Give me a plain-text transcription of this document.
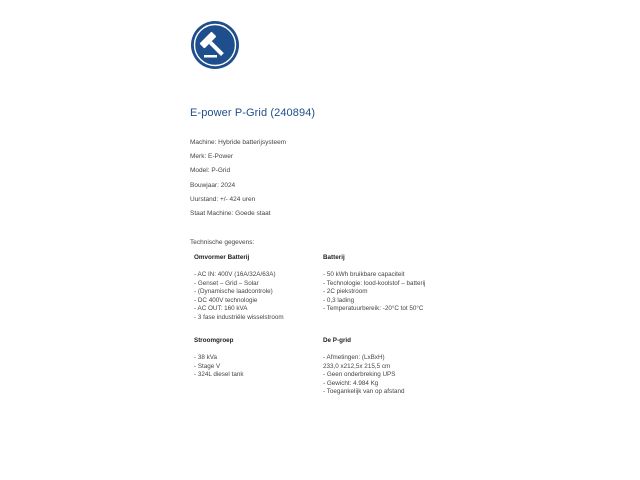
E-power P-Grid (240894)
Machine: Hybride batterijsysteem
Merk: E-Power
Model: P-Grid
Bouwjaar: 2024
Uurstand: +/- 424 uren
Staat Machine: Goede staat
Technische gegevens:
Omvormer Batterij
- AC IN: 400V (16A/32A/63A)
- Genset – Grid – Solar
- (Dynamische laadcontrole)
- DC 400V technologie
- AC OUT: 160 kVA
- 3 fase industriële wisselstroom
Batterij
- 50 kWh bruikbare capaciteit
- Technologie: lood-koolstof – batterij
- 2C piekstroom
- 0,3 lading
- Temperatuurbereik: -20°C tot 50°C
Stroomgroep
- 38 kVa
- Stage V
- 324L diesel tank
De P-grid
- Afmetingen: (LxBxH)
233,0 x212,5x 215,5 cm
- Geen onderbreking UPS
- Gewicht: 4.984 Kg
- Toegankelijk van op afstand
